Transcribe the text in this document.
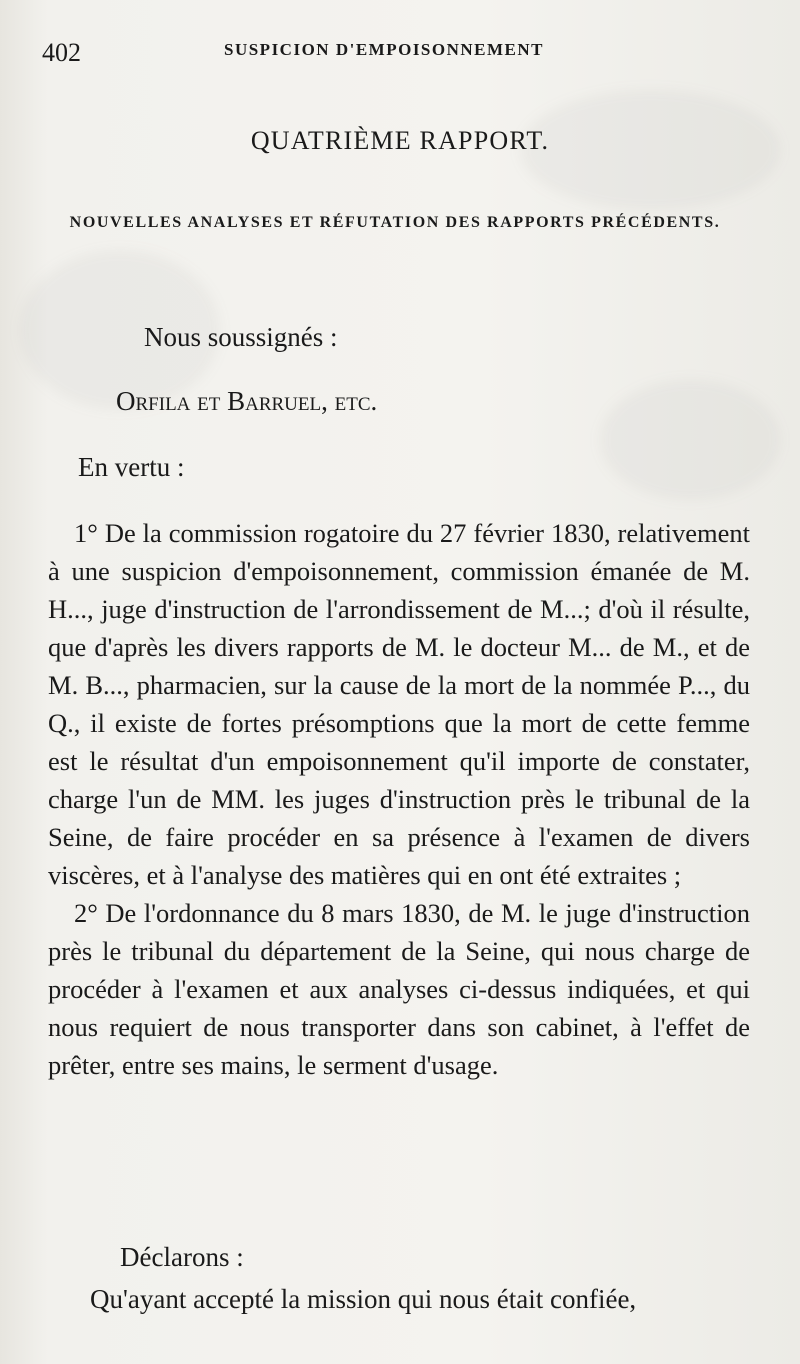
402	SUSPICION D'EMPOISONNEMENT
QUATRIÈME RAPPORT.
NOUVELLES ANALYSES ET RÉFUTATION DES RAPPORTS PRÉCÉDENTS.
Nous soussignés :
Orfila et Barruel, etc.
En vertu :

1° De la commission rogatoire du 27 février 1830, relativement à une suspicion d'empoisonnement, commission émanée de M. H..., juge d'instruction de l'arrondissement de M...; d'où il résulte, que d'après les divers rapports de M. le docteur M... de M., et de M. B..., pharmacien, sur la cause de la mort de la nommée P..., du Q., il existe de fortes présomptions que la mort de cette femme est le résultat d'un empoisonnement qu'il importe de constater, charge l'un de MM. les juges d'instruction près le tribunal de la Seine, de faire procéder en sa présence à l'examen de divers viscères, et à l'analyse des matières qui en ont été extraites ;

2° De l'ordonnance du 8 mars 1830, de M. le juge d'instruction près le tribunal du département de la Seine, qui nous charge de procéder à l'examen et aux analyses ci-dessus indiquées, et qui nous requiert de nous transporter dans son cabinet, à l'effet de prêter, entre ses mains, le serment d'usage.

Déclarons :
Qu'ayant accepté la mission qui nous était confiée,
